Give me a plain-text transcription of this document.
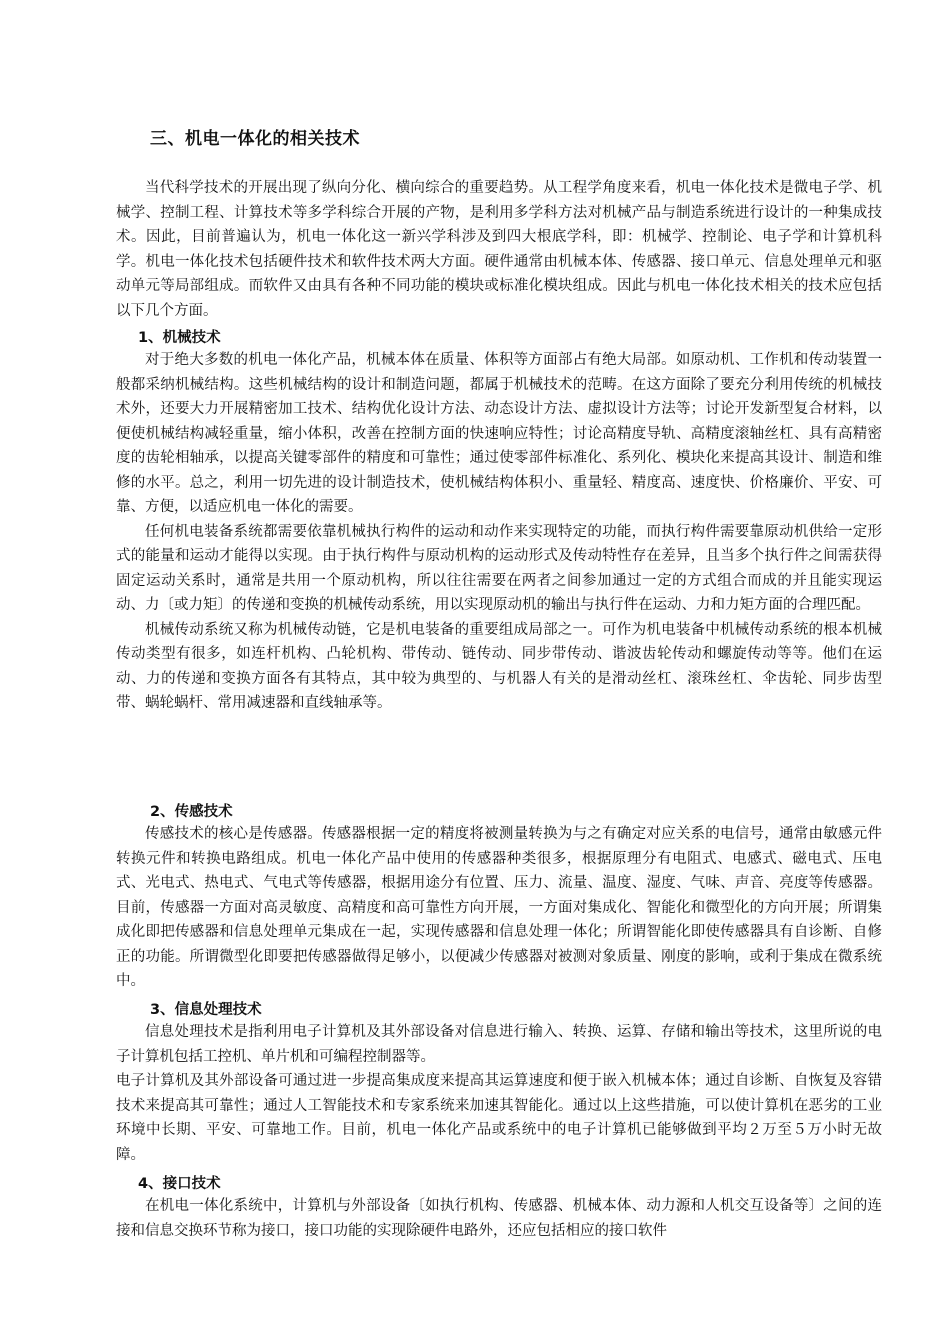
三、机电一体化的相关技术

当代科学技术的开展出现了纵向分化、横向综合的重要趋势。从工程学角度来看，机电一体化技术是微电子学、机械学、控制工程、计算技术等多学科综合开展的产物，是利用多学科方法对机械产品与制造系统进行设计的一种集成技术。因此，目前普遍认为，机电一体化这一新兴学科涉及到四大根底学科，即：机械学、控制论、电子学和计算机科学。机电一体化技术包括硬件技术和软件技术两大方面。硬件通常由机械本体、传感器、接口单元、信息处理单元和驱动单元等局部组成。而软件又由具有各种不同功能的模块或标准化模块组成。因此与机电一体化技术相关的技术应包括以下几个方面。

1、机械技术

对于绝大多数的机电一体化产品，机械本体在质量、体积等方面部占有绝大局部。如原动机、工作机和传动装置一般都采纳机械结构。这些机械结构的设计和制造问题，都属于机械技术的范畴。在这方面除了要充分利用传统的机械技术外，还要大力开展精密加工技术、结构优化设计方法、动态设计方法、虚拟设计方法等；讨论开发新型复合材料，以便使机械结构减轻重量，缩小体积，改善在控制方面的快速响应特性；讨论高精度导轨、高精度滚轴丝杠、具有高精密度的齿轮相轴承，以提高关键零部件的精度和可靠性；通过使零部件标准化、系列化、模块化来提高其设计、制造和维修的水平。总之，利用一切先进的设计制造技术，使机械结构体积小、重量轻、精度高、速度快、价格廉价、平安、可靠、方便，以适应机电一体化的需要。

任何机电装备系统都需要依靠机械执行构件的运动和动作来实现特定的功能，而执行构件需要靠原动机供给一定形式的能量和运动才能得以实现。由于执行构件与原动机构的运动形式及传动特性存在差异，且当多个执行件之间需获得固定运动关系时，通常是共用一个原动机构，所以往往需要在两者之间参加通过一定的方式组合而成的并且能实现运动、力〔或力矩〕的传递和变换的机械传动系统，用以实现原动机的输出与执行件在运动、力和力矩方面的合理匹配。

机械传动系统又称为机械传动链，它是机电装备的重要组成局部之一。可作为机电装备中机械传动系统的根本机械传动类型有很多，如连杆机构、凸轮机构、带传动、链传动、同步带传动、谐波齿轮传动和螺旋传动等等。他们在运动、力的传递和变换方面各有其特点，其中较为典型的、与机器人有关的是滑动丝杠、滚珠丝杠、伞齿轮、同步齿型带、蜗轮蜗杆、常用减速器和直线轴承等。

2、传感技术

传感技术的核心是传感器。传感器根据一定的精度将被测量转换为与之有确定对应关系的电信号，通常由敏感元件转换元件和转换电路组成。机电一体化产品中使用的传感器种类很多，根据原理分有电阻式、电感式、磁电式、压电式、光电式、热电式、气电式等传感器，根据用途分有位置、压力、流量、温度、湿度、气味、声音、亮度等传感器。目前，传感器一方面对高灵敏度、高精度和高可靠性方向开展，一方面对集成化、智能化和微型化的方向开展；所谓集成化即把传感器和信息处理单元集成在一起，实现传感器和信息处理一体化；所谓智能化即使传感器具有自诊断、自修正的功能。所谓微型化即要把传感器做得足够小，以便减少传感器对被测对象质量、刚度的影响，或利于集成在微系统中。

3、信息处理技术

信息处理技术是指利用电子计算机及其外部设备对信息进行输入、转换、运算、存储和输出等技术，这里所说的电子计算机包括工控机、单片机和可编程控制器等。

电子计算机及其外部设备可通过进一步提高集成度来提高其运算速度和便于嵌入机械本体；通过自诊断、自恢复及容错技术来提高其可靠性；通过人工智能技术和专家系统来加速其智能化。通过以上这些措施，可以使计算机在恶劣的工业环境中长期、平安、可靠地工作。目前，机电一体化产品或系统中的电子计算机已能够做到平均２万至５万小时无故障。

4、接口技术

在机电一体化系统中，计算机与外部设备〔如执行机构、传感器、机械本体、动力源和人机交互设备等〕之间的连接和信息交换环节称为接口，接口功能的实现除硬件电路外，还应包括相应的接口软件
